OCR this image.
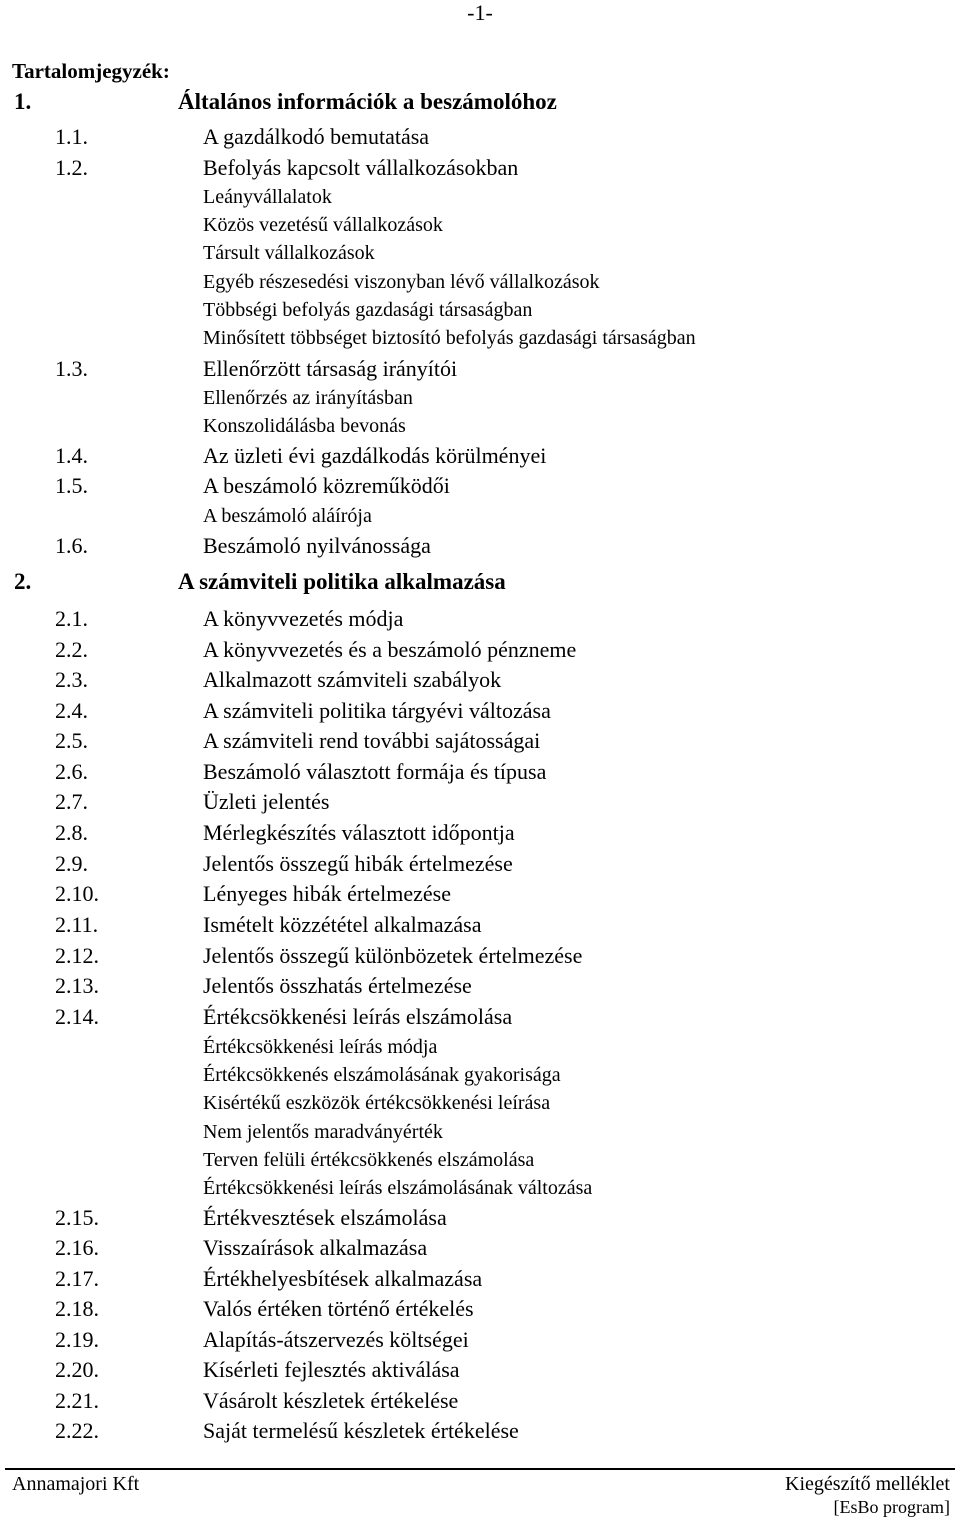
-1-
Tartalomjegyzék:
1.	Általános információk a beszámolóhoz
1.1.	A gazdálkodó bemutatása
1.2.	Befolyás kapcsolt vállalkozásokban
Leányvállalatok
Közös vezetésű vállalkozások
Társult vállalkozások
Egyéb részesedési viszonyban lévő vállalkozások
Többségi befolyás gazdasági társaságban
Minősített többséget biztosító befolyás gazdasági társaságban
1.3.	Ellenőrzött társaság irányítói
Ellenőrzés az irányításban
Konszolidálásba bevonás
1.4.	Az üzleti évi gazdálkodás körülményei
1.5.	A beszámoló közreműködői
A beszámoló aláírója
1.6.	Beszámoló nyilvánossága
2.	A számviteli politika alkalmazása
2.1.	A könyvvezetés módja
2.2.	A könyvvezetés és a beszámoló pénzneme
2.3.	Alkalmazott számviteli szabályok
2.4.	A számviteli politika tárgyévi változása
2.5.	A számviteli rend további sajátosságai
2.6.	Beszámoló választott formája és típusa
2.7.	Üzleti jelentés
2.8.	Mérlegkészítés választott időpontja
2.9.	Jelentős összegű hibák értelmezése
2.10.	Lényeges hibák értelmezése
2.11.	Ismételt közzététel alkalmazása
2.12.	Jelentős összegű különbözetek értelmezése
2.13.	Jelentős összhatás értelmezése
2.14.	Értékcsökkenési leírás elszámolása
Értékcsökkenési leírás módja
Értékcsökkenés elszámolásának gyakorisága
Kisértékű eszközök értékcsökkenési leírása
Nem jelentős maradványérték
Terven felüli értékcsökkenés elszámolása
Értékcsökkenési leírás elszámolásának változása
2.15.	Értékvesztések elszámolása
2.16.	Visszaírások alkalmazása
2.17.	Értékhelyesbítések alkalmazása
2.18.	Valós értéken történő értékelés
2.19.	Alapítás-átszervezés költségei
2.20.	Kísérleti fejlesztés aktiválása
2.21.	Vásárolt készletek értékelése
2.22.	Saját termelésű készletek értékelése
Annamajori Kft	Kiegészítő melléklet
[EsBo program]
